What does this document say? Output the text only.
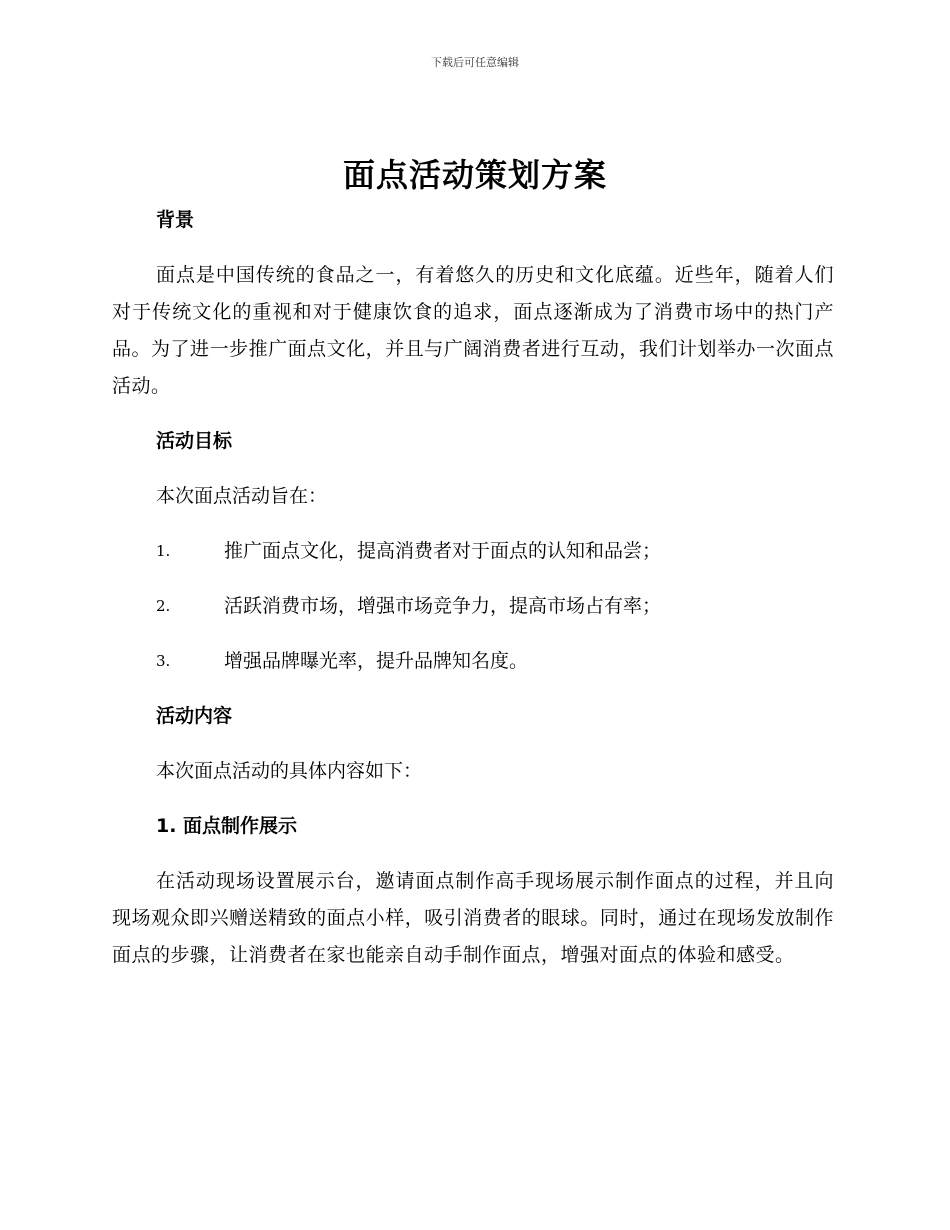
下载后可任意编辑
面点活动策划方案
背景

面点是中国传统的食品之一，有着悠久的历史和文化底蕴。近些年，随着人们对于传统文化的重视和对于健康饮食的追求，面点逐渐成为了消费市场中的热门产品。为了进一步推广面点文化，并且与广阔消费者进行互动，我们计划举办一次面点活动。

活动目标

本次面点活动旨在：

1.	推广面点文化，提高消费者对于面点的认知和品尝；
2.	活跃消费市场，增强市场竞争力，提高市场占有率；
3.	增强品牌曝光率，提升品牌知名度。
活动内容

本次面点活动的具体内容如下：

1. 面点制作展示

在活动现场设置展示台，邀请面点制作高手现场展示制作面点的过程，并且向现场观众即兴赠送精致的面点小样，吸引消费者的眼球。同时，通过在现场发放制作面点的步骤，让消费者在家也能亲自动手制作面点，增强对面点的体验和感受。
